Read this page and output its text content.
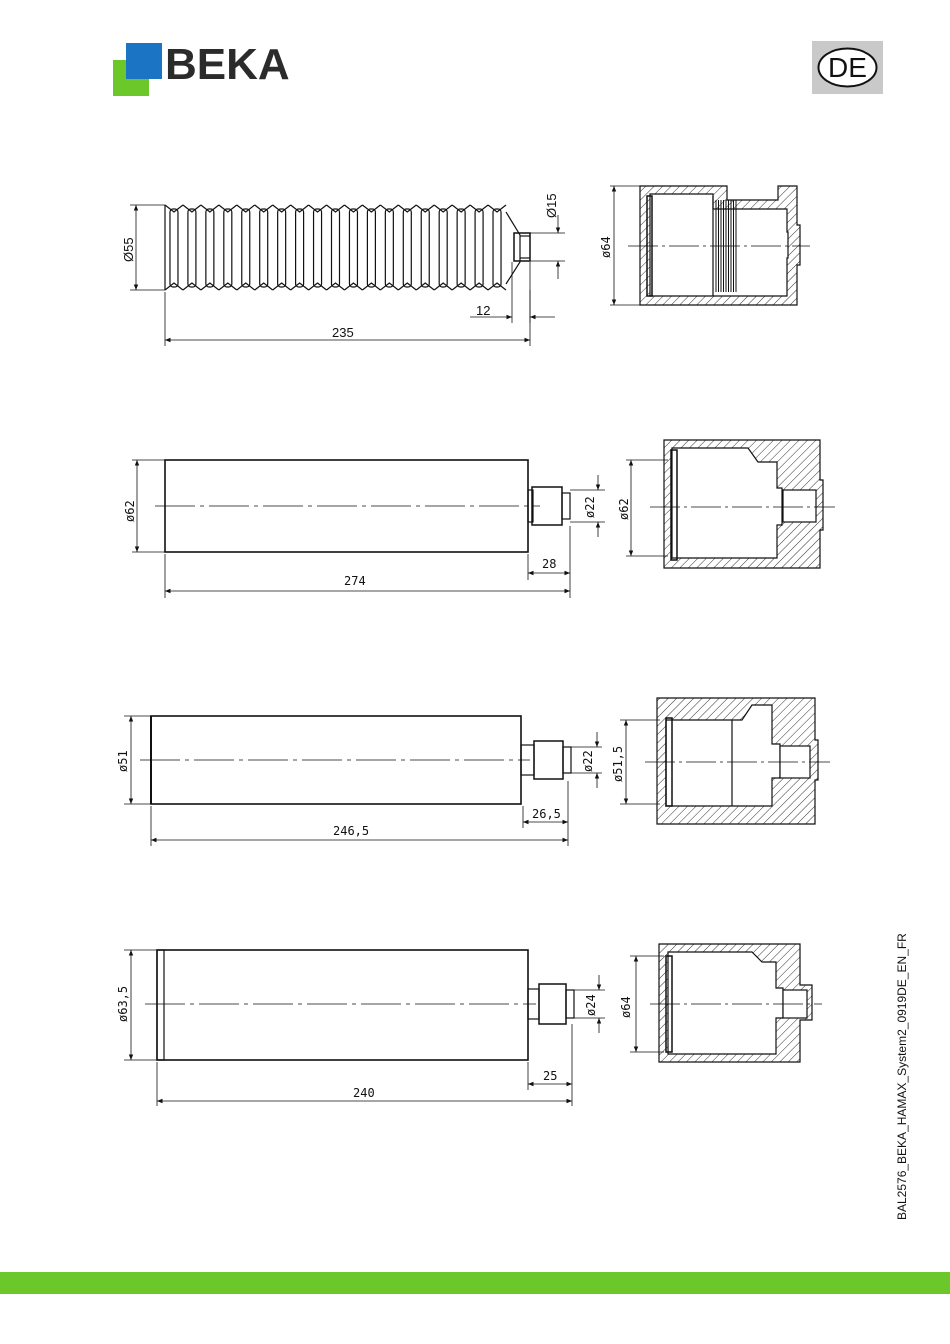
BEKA	DE
Ø55
Ø15
12
235
ø64
ø62	ø22
28
274
ø62
ø51	ø22
26,5
246,5
ø51,5
ø63,5	ø24
25
240
ø64	BAL2576_BEKA_HAMAX_System2_0919DE_EN_FR
